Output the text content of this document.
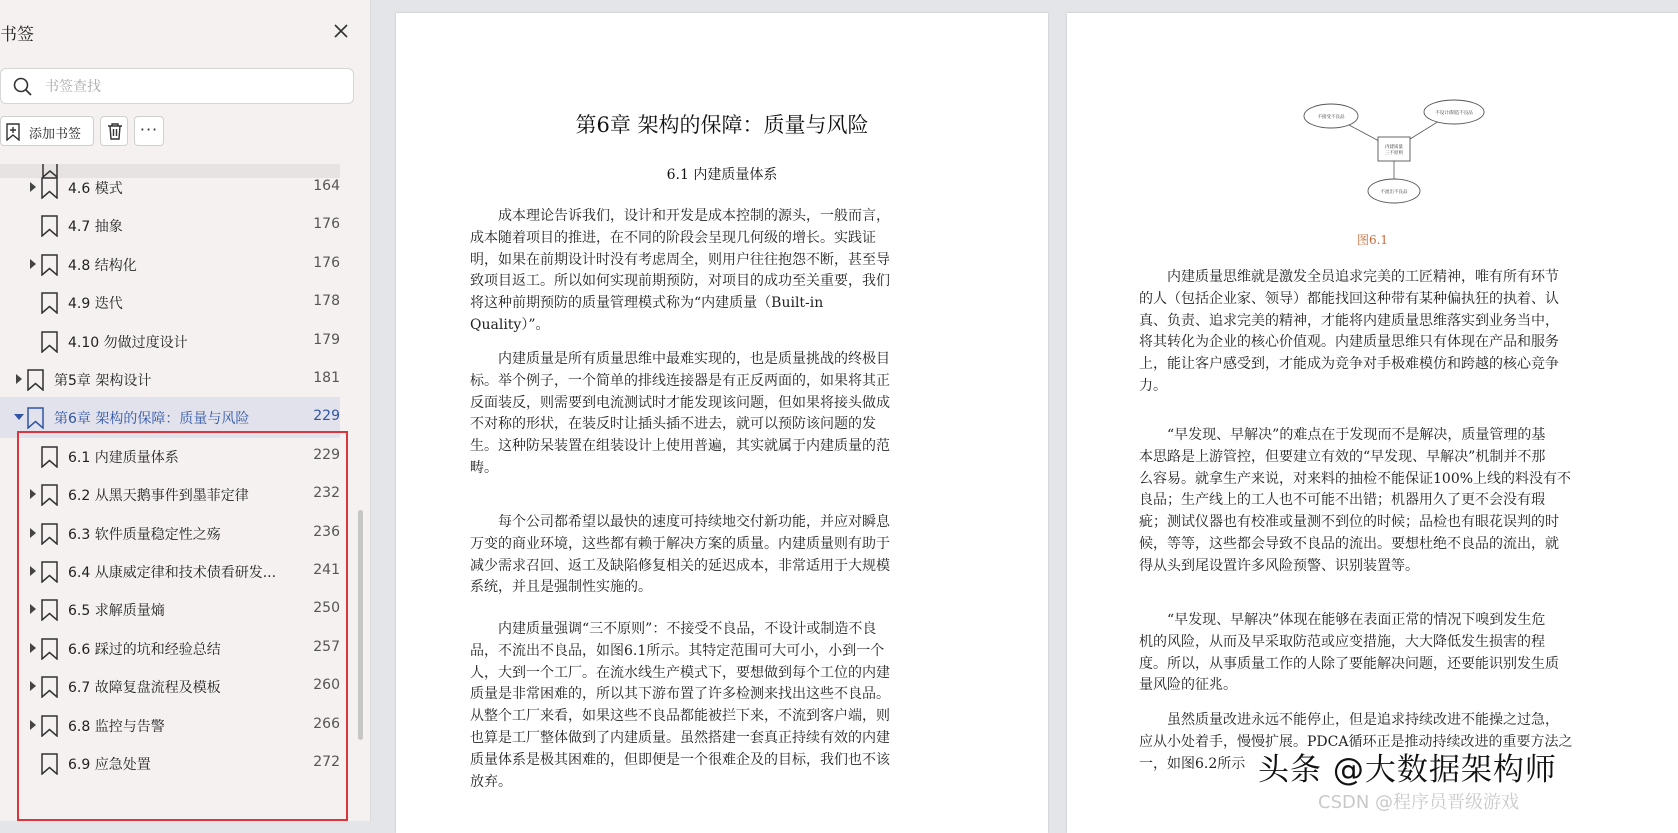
书签
书签查找
添加书签	···
4.6 模式	164
4.7 抽象	176
4.8 结构化	176
4.9 迭代	178
4.10 勿做过度设计	179
第5章 架构设计	181
第6章 架构的保障：质量与风险	229
6.1 内建质量体系	229
6.2 从黑天鹅事件到墨菲定律	232
6.3 软件质量稳定性之殇	236
6.4 从康威定律和技术债看研发...	241
6.5 求解质量熵	250
6.6 踩过的坑和经验总结	257
6.7 故障复盘流程及模板	260
6.8 监控与告警	266
6.9 应急处置	272
第6章 架构的保障：质量与风险
6.1 内建质量体系
成本理论告诉我们，设计和开发是成本控制的源头，一般而言，
成本随着项目的推进，在不同的阶段会呈现几何级的增长。实践证
明，如果在前期设计时没有考虑周全，则用户往往抱怨不断，甚至导
致项目返工。所以如何实现前期预防，对项目的成功至关重要，我们
将这种前期预防的质量管理模式称为“内建质量（Built-in
Quality）”。
内建质量是所有质量思维中最难实现的，也是质量挑战的终极目
标。举个例子，一个简单的排线连接器是有正反两面的，如果将其正
反面装反，则需要到电流测试时才能发现该问题，但如果将接头做成
不对称的形状，在装反时让插头插不进去，就可以预防该问题的发
生。这种防呆装置在组装设计上使用普遍，其实就属于内建质量的范
畴。
每个公司都希望以最快的速度可持续地交付新功能，并应对瞬息
万变的商业环境，这些都有赖于解决方案的质量。内建质量则有助于
减少需求召回、返工及缺陷修复相关的延迟成本，非常适用于大规模
系统，并且是强制性实施的。
内建质量强调“三不原则”：不接受不良品，不设计或制造不良
品，不流出不良品，如图6.1所示。其特定范围可大可小，小到一个
人，大到一个工厂。在流水线生产模式下，要想做到每个工位的内建
质量是非常困难的，所以其下游布置了许多检测来找出这些不良品。
从整个工厂来看，如果这些不良品都能被拦下来，不流到客户端，则
也算是工厂整体做到了内建质量。虽然搭建一套真正持续有效的内建
质量体系是极其困难的，但即便是一个很难企及的目标，我们也不该
放弃。
内建质量三不原则
不接受不良品
不设计/制造不良品
不流出不良品
图6.1
内建质量思维就是激发全员追求完美的工匠精神，唯有所有环节
的人（包括企业家、领导）都能找回这种带有某种偏执狂的执着、认
真、负责、追求完美的精神，才能将内建质量思维落实到业务当中，
将其转化为企业的核心价值观。内建质量思维只有体现在产品和服务
上，能让客户感受到，才能成为竞争对手极难模仿和跨越的核心竞争
力。
“早发现、早解决”的难点在于发现而不是解决，质量管理的基
本思路是上游管控，但要建立有效的“早发现、早解决”机制并不那
么容易。就拿生产来说，对来料的抽检不能保证100%上线的料没有不
良品；生产线上的工人也不可能不出错；机器用久了更不会没有瑕
疵；测试仪器也有校准或量测不到位的时候；品检也有眼花误判的时
候，等等，这些都会导致不良品的流出。要想杜绝不良品的流出，就
得从头到尾设置许多风险预警、识别装置等。
“早发现、早解决”体现在能够在表面正常的情况下嗅到发生危
机的风险，从而及早采取防范或应变措施，大大降低发生损害的程
度。所以，从事质量工作的人除了要能解决问题，还要能识别发生质
量风险的征兆。
虽然质量改进永远不能停止，但是追求持续改进不能操之过急，
应从小处着手，慢慢扩展。PDCA循环正是推动持续改进的重要方法之
一，如图6.2所示 头条 @大数据架构师
CSDN @程序员晋级游戏
